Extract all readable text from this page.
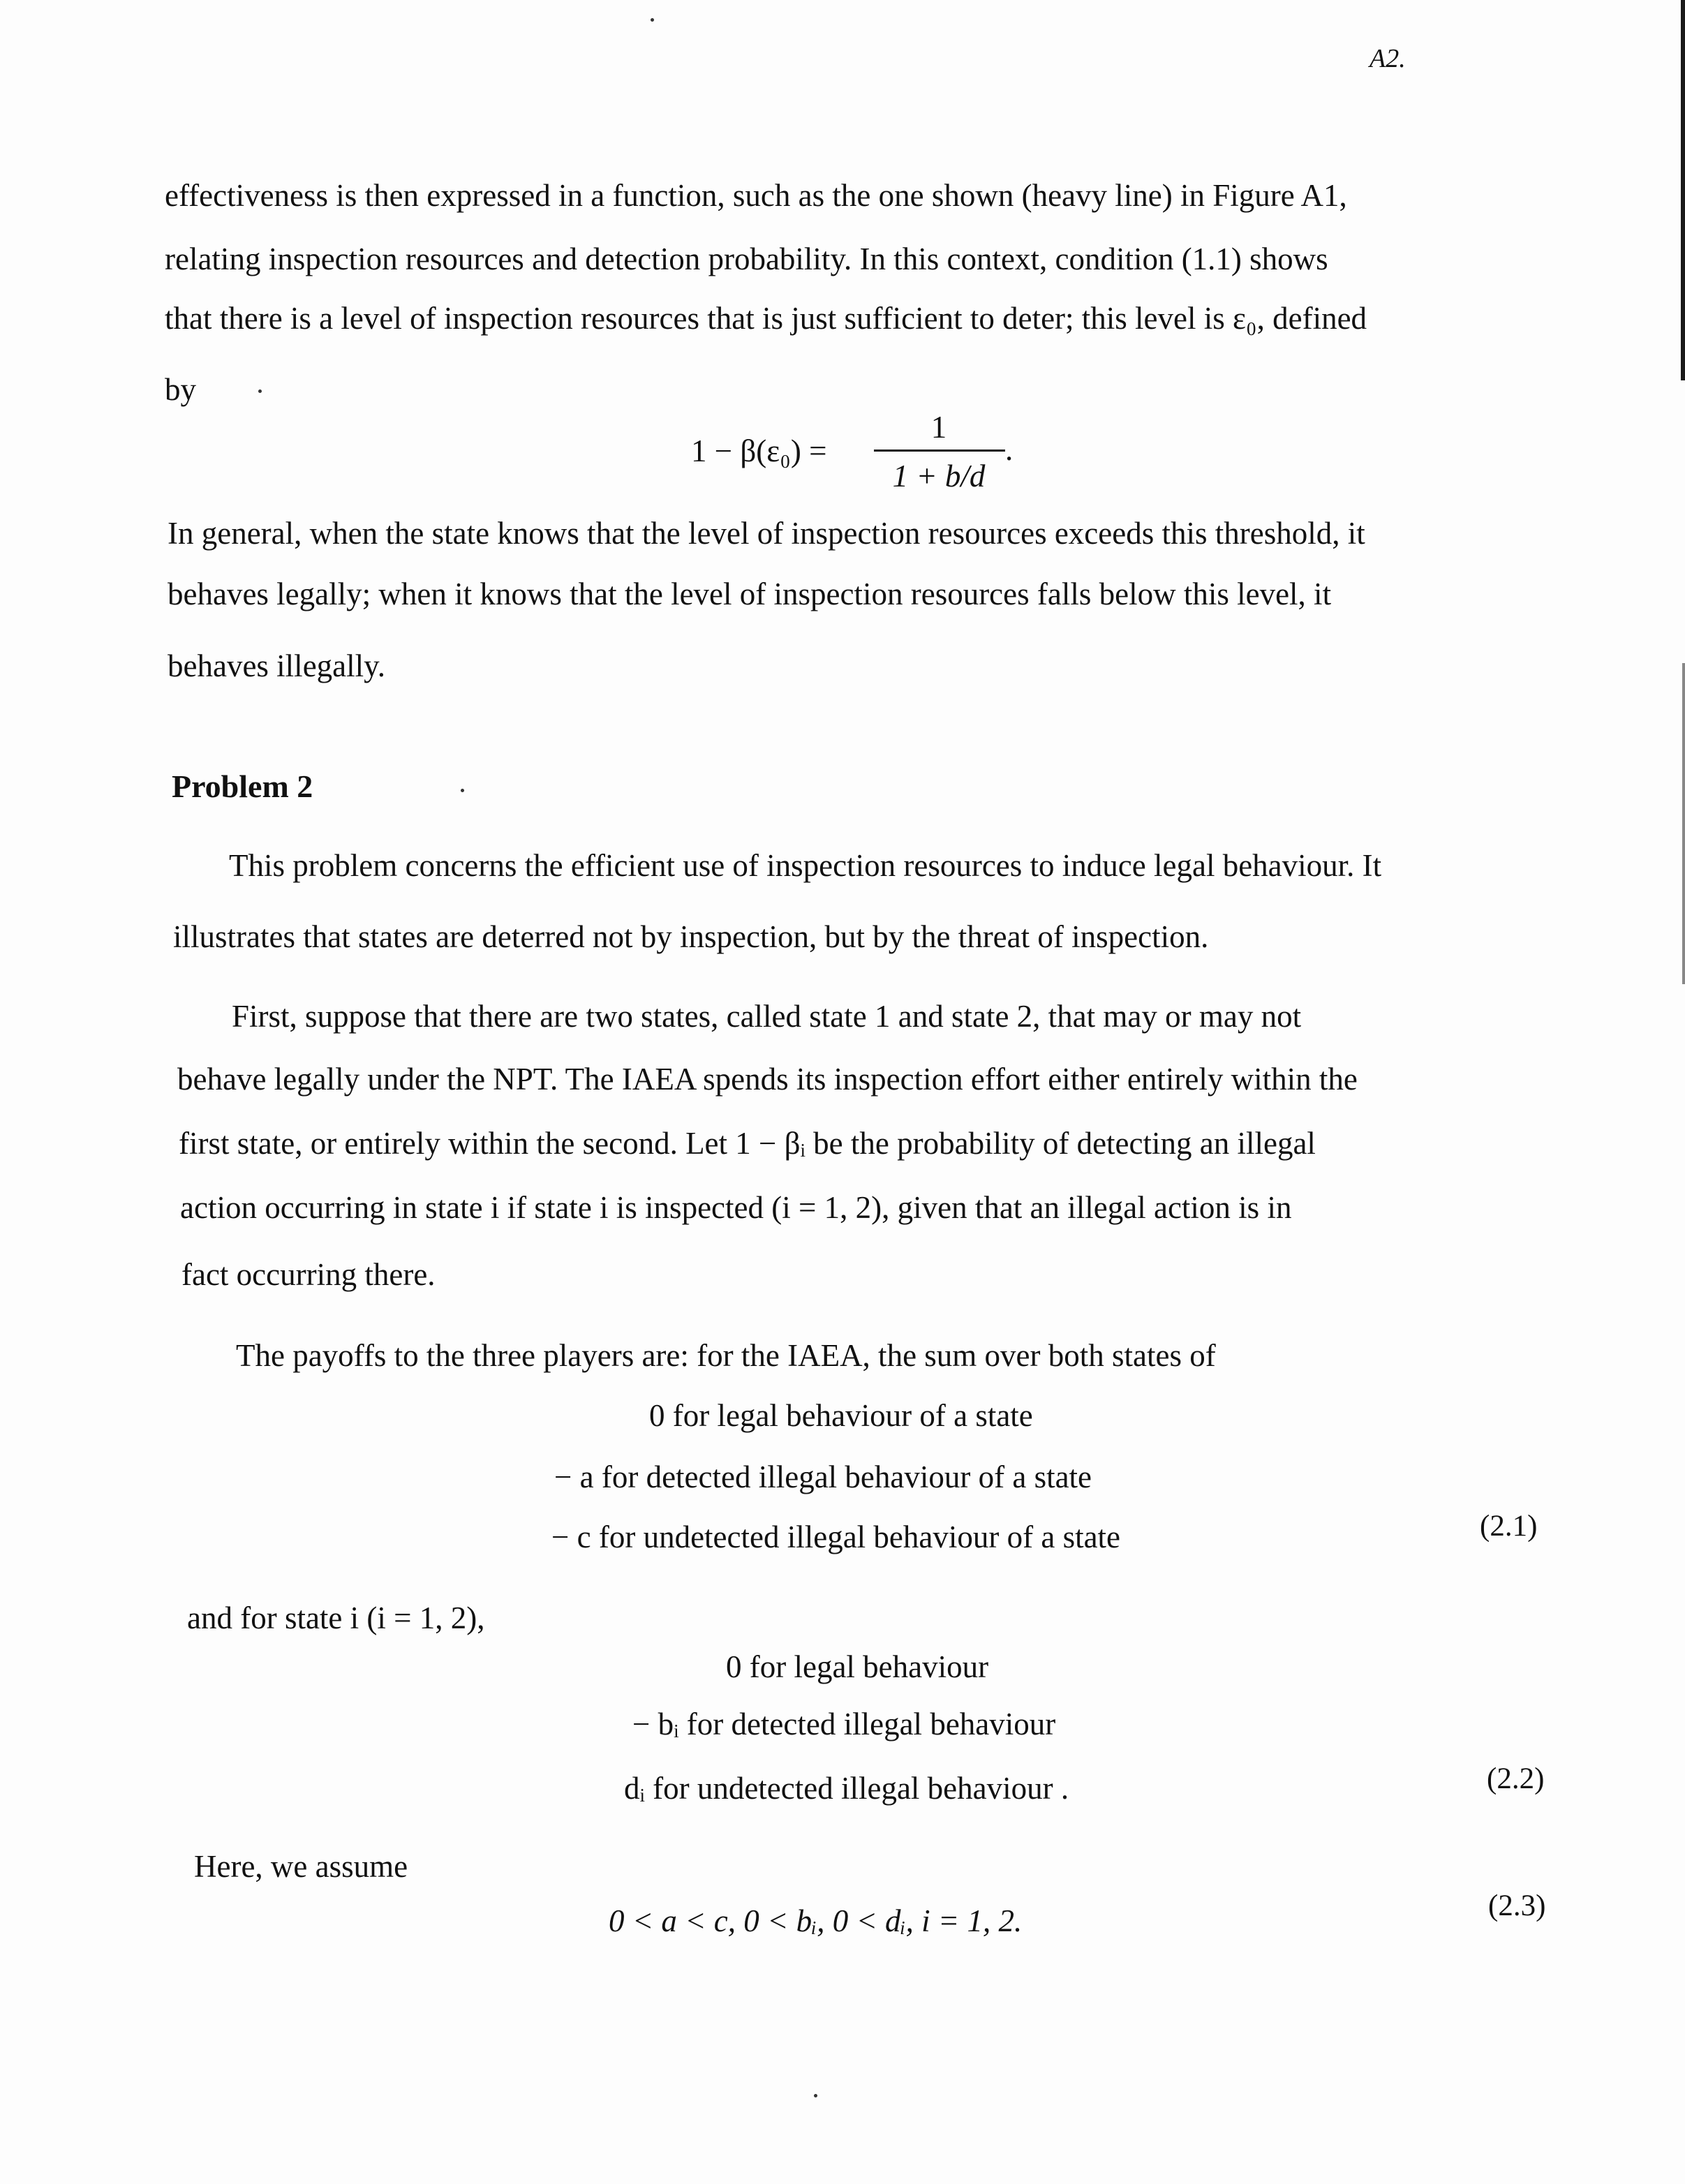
A2.
effectiveness is then expressed in a function, such as the one shown (heavy line) in Figure A1,
relating inspection resources and detection probability. In this context, condition (1.1) shows
that there is a level of inspection resources that is just sufficient to deter; this level is ε₀, defined
by
1 − β(ε₀) =
1
1 + b/d
.
In general, when the state knows that the level of inspection resources exceeds this threshold, it
behaves legally; when it knows that the level of inspection resources falls below this level, it
behaves illegally.
Problem 2
This problem concerns the efficient use of inspection resources to induce legal behaviour. It
illustrates that states are deterred not by inspection, but by the threat of inspection.
First, suppose that there are two states, called state 1 and state 2, that may or may not
behave legally under the NPT. The IAEA spends its inspection effort either entirely within the
first state, or entirely within the second. Let 1 − βᵢ be the probability of detecting an illegal
action occurring in state i if state i is inspected (i = 1, 2), given that an illegal action is in
fact occurring there.
The payoffs to the three players are: for the IAEA, the sum over both states of
0 for legal behaviour of a state
− a for detected illegal behaviour of a state
− c for undetected illegal behaviour of a state	(2.1)
and for state i (i = 1, 2),
0 for legal behaviour
− bᵢ for detected illegal behaviour
dᵢ for undetected illegal behaviour .	(2.2)
Here, we assume
0 < a < c, 0 < bᵢ, 0 < dᵢ, i = 1, 2.	(2.3)
